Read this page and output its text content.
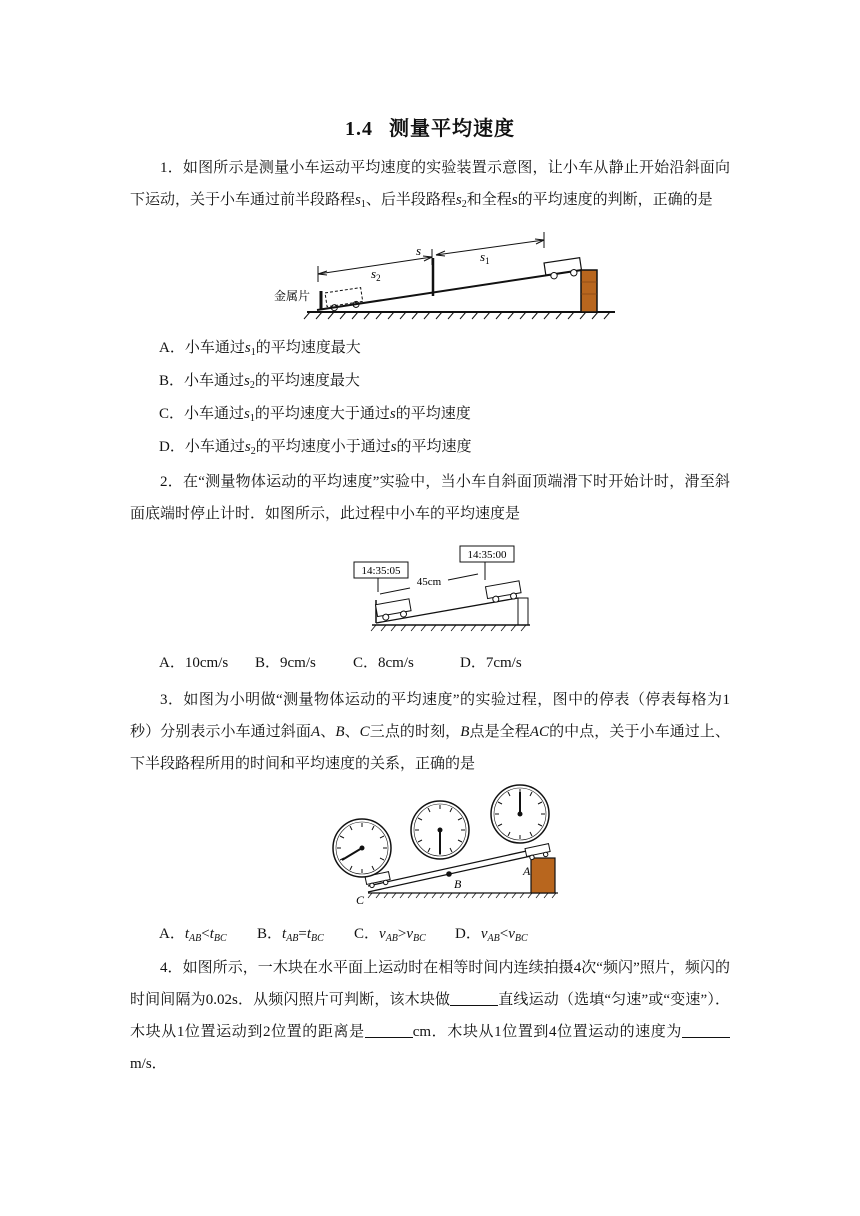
1.4 测量平均速度
1．如图所示是测量小车运动平均速度的实验装置示意图，让小车从静止开始沿斜面向下运动，关于小车通过前半段路程$s_1$、后半段路程$s_2$和全程s的平均速度的判断，正确的是
s	$s_1$
$s_2$
金属片
A．小车通过$s_1$的平均速度最大
B．小车通过$s_2$的平均速度最大
C．小车通过$s_1$的平均速度大于通过s的平均速度
D．小车通过$s_2$的平均速度小于通过s的平均速度
2．在“测量物体运动的平均速度”实验中，当小车自斜面顶端滑下时开始计时，滑至斜面底端时停止计时．如图所示，此过程中小车的平均速度是
14:35:05
14:35:00
45cm
A．10cm/s	B．9cm/s	C．8cm/s	D．7cm/s
3．如图为小明做“测量物体运动的平均速度”的实验过程，图中的停表（停表每格为1秒）分别表示小车通过斜面A、B、C三点的时刻，B点是全程AC的中点，关于小车通过上、下半段路程所用的时间和平均速度的关系，正确的是
B
C
A
A．$t_{AB}<t_{BC}$	B．$t_{AB}=t_{BC}$	C．$v_{AB}>v_{BC}$	D．$v_{AB}<v_{BC}$
4．如图所示，一木块在水平面上运动时在相等时间内连续拍摄4次“频闪”照片，频闪的时间间隔为0.02s．从频闪照片可判断，该木块做	直线运动（选填“匀速”或“变速”）．木块从1位置运动到2位置的距离是	cm．木块从1位置到4位置运动的速度为m/s．
